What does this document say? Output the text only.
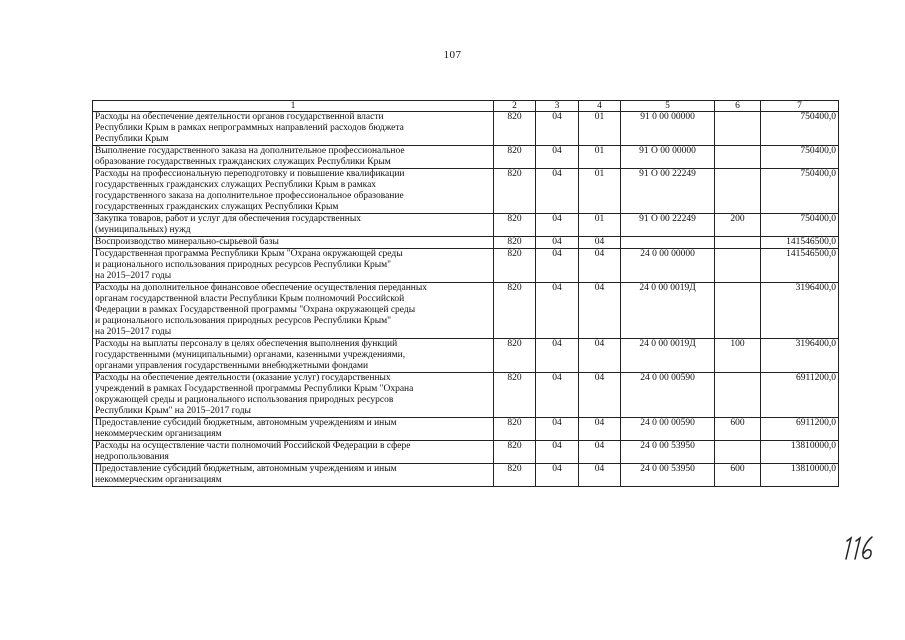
107
1	2	3	4	5	6	7
Расходы на обеспечение деятельности органов государственной власти
Республики Крым в рамках непрограммных направлений расходов бюджета
Республики Крым	820	04	01	91 0 00 00000		750400,0
Выполнение государственного заказа на дополнительное профессиональное
образование государственных гражданских служащих Республики Крым	820	04	01	91 О 00 00000		750400,0
Расходы на профессиональную переподготовку и повышение квалификации
государственных гражданских служащих Республики Крым в рамках
государственного заказа на дополнительное профессиональное образование
государственных гражданских служащих Республики Крым	820	04	01	91 О 00 22249		750400,0
Закупка товаров, работ и услуг для обеспечения государственных
(муниципальных) нужд	820	04	01	91 О 00 22249	200	750400,0
Воспроизводство минерально-сырьевой базы	820	04	04			141546500,0
Государственная программа Республики Крым "Охрана окружающей среды
и рационального использования природных ресурсов Республики Крым"
на 2015–2017 годы	820	04	04	24 0 00 00000		141546500,0
Расходы на дополнительное финансовое обеспечение осуществления переданных
органам государственной власти Республики Крым полномочий Российской
Федерации в рамках Государственной программы "Охрана окружающей среды
и рационального использования природных ресурсов Республики Крым"
на 2015–2017 годы	820	04	04	24 0 00 0019Д		3196400,0
Расходы на выплаты персоналу в целях обеспечения выполнения функций
государственными (муниципальными) органами, казенными учреждениями,
органами управления государственными внебюджетными фондами	820	04	04	24 0 00 0019Д	100	3196400,0
Расходы на обеспечение деятельности (оказание услуг) государственных
учреждений в рамках Государственной программы Республики Крым "Охрана
окружающей среды и рационального использования природных ресурсов
Республики Крым" на 2015–2017 годы	820	04	04	24 0 00 00590		6911200,0
Предоставление субсидий бюджетным, автономным учреждениям и иным
некоммерческим организациям	820	04	04	24 0 00 00590	600	6911200,0
Расходы на осуществление части полномочий Российской Федерации в сфере
недропользования	820	04	04	24 0 00 53950		13810000,0
Предоставление субсидий бюджетным, автономным учреждениям и иным
некоммерческим организациям	820	04	04	24 0 00 53950	600	13810000,0
